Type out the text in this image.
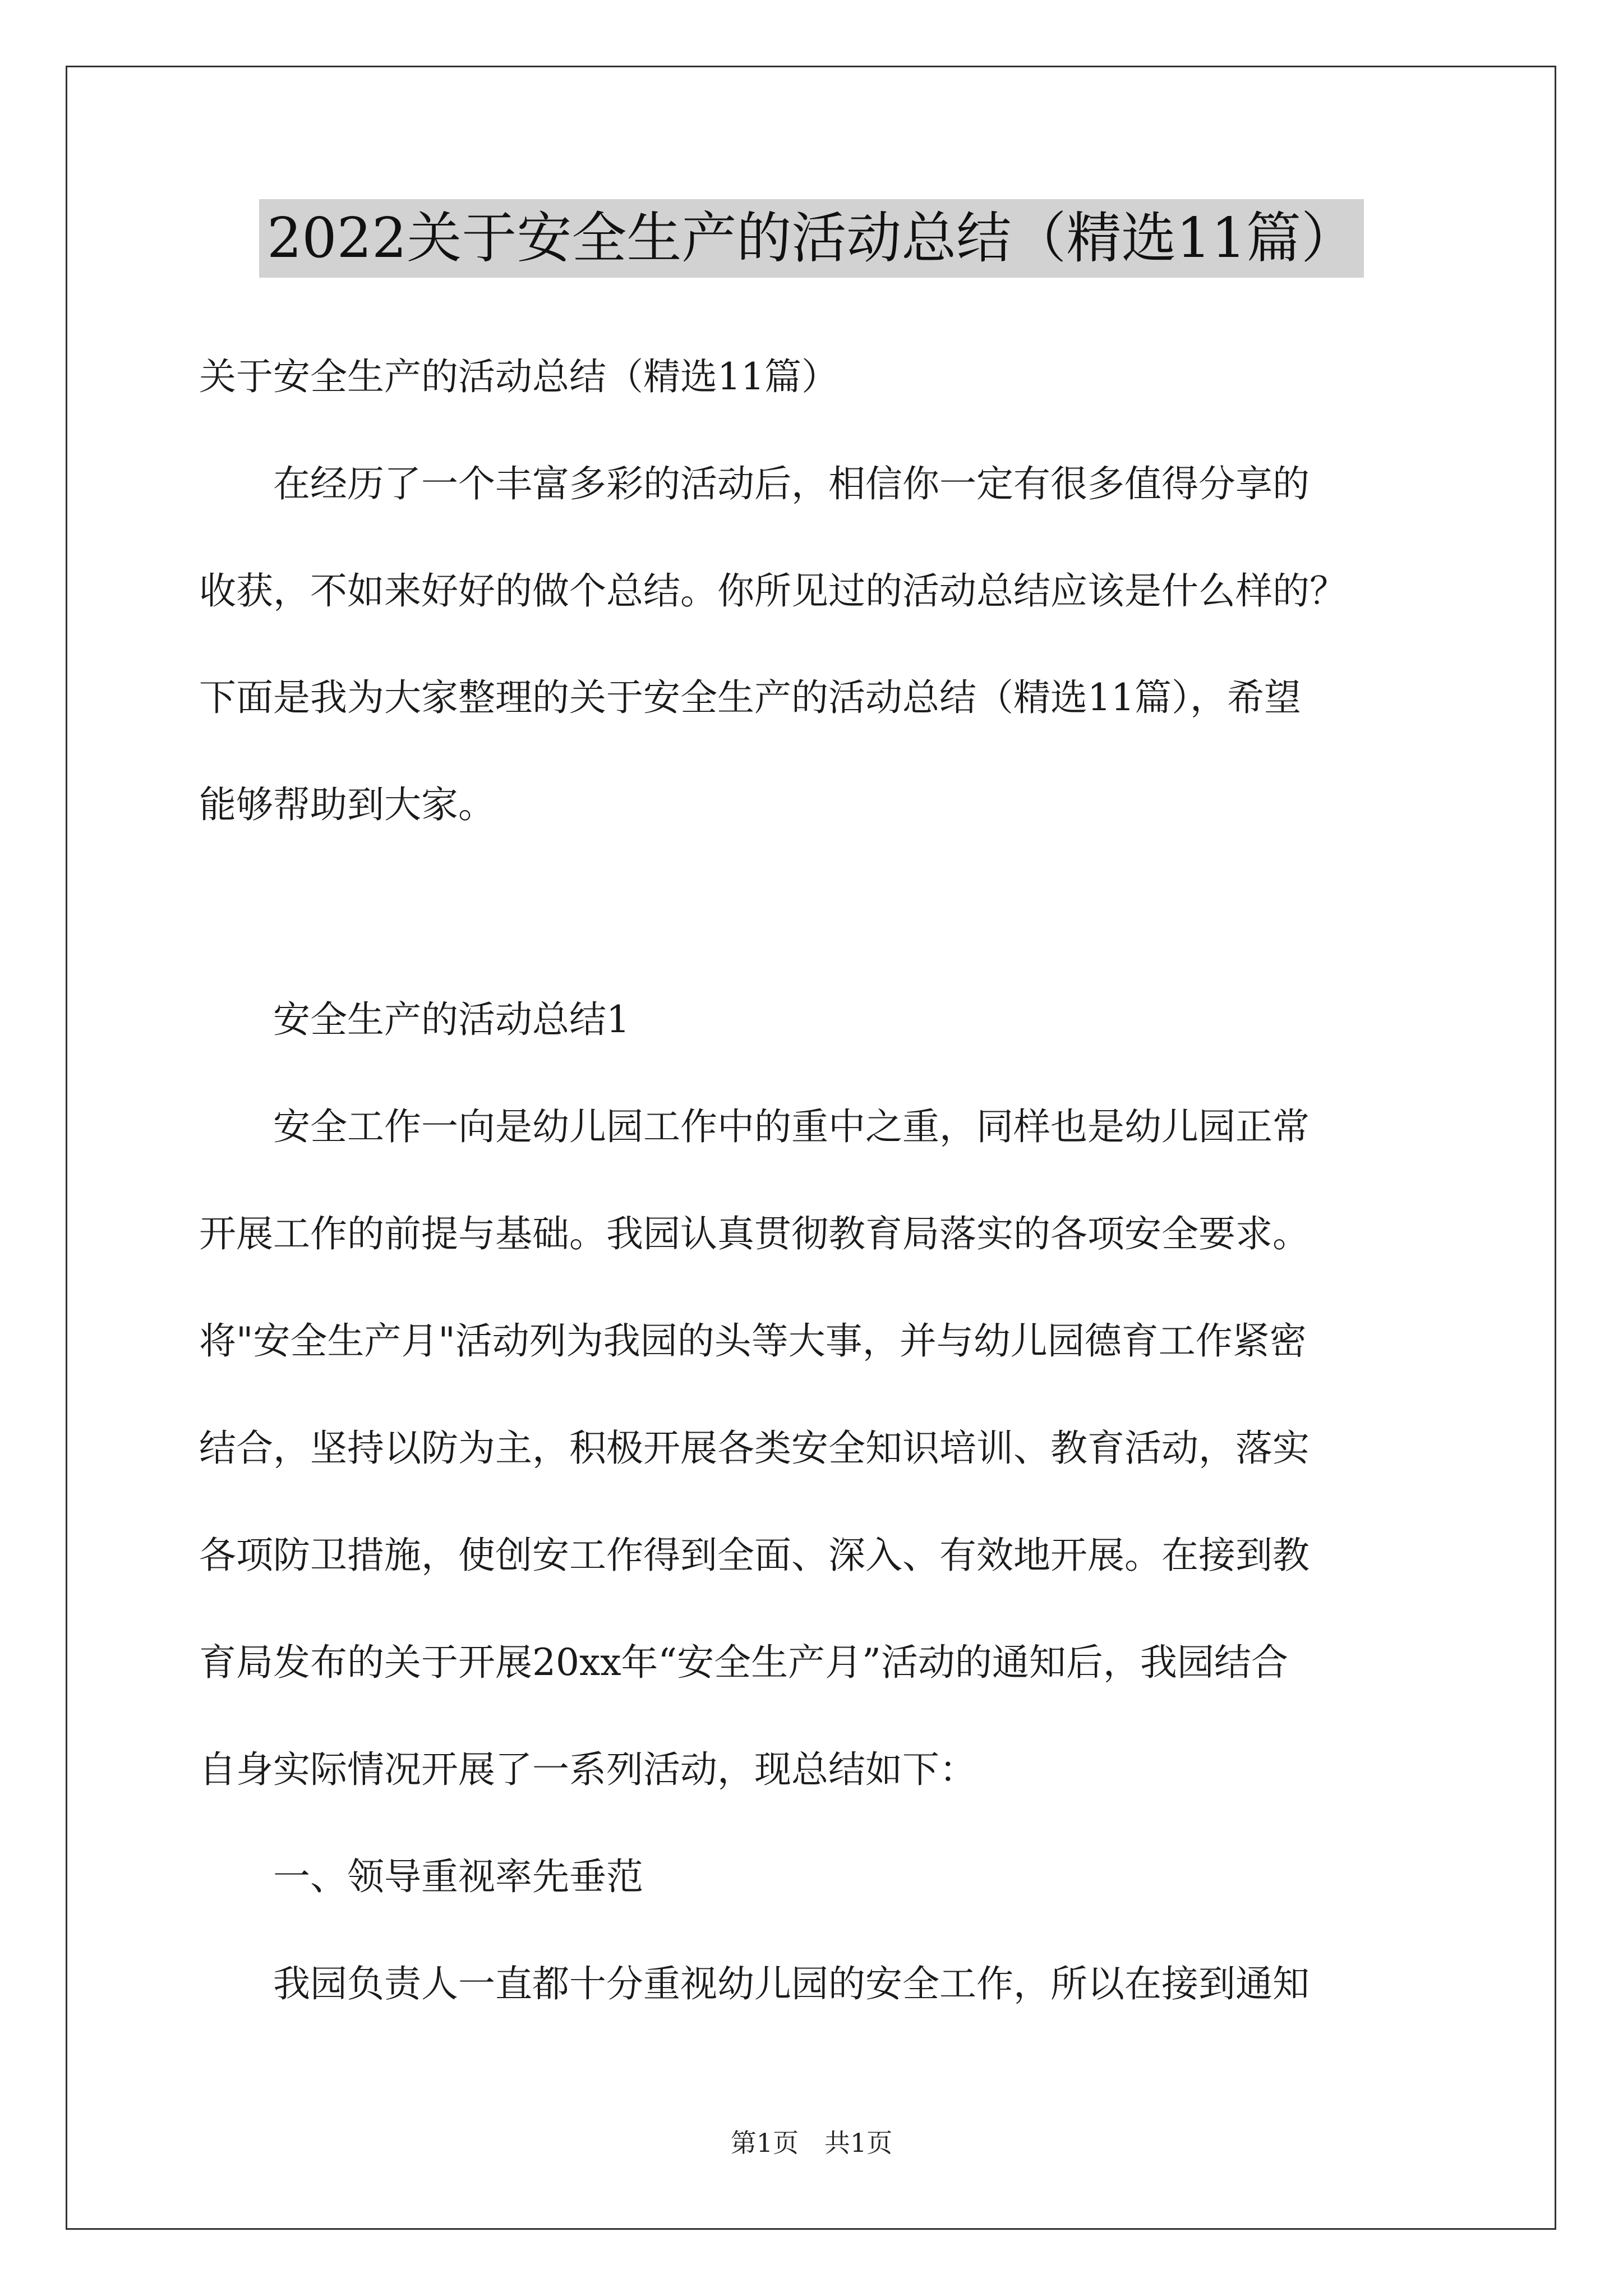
2022关于安全生产的活动总结（精选11篇）
关于安全生产的活动总结（精选11篇）
　　在经历了一个丰富多彩的活动后，相信你一定有很多值得分享的
收获，不如来好好的做个总结。你所见过的活动总结应该是什么样的？
下面是我为大家整理的关于安全生产的活动总结（精选11篇），希望
能够帮助到大家。
　　安全生产的活动总结1
　　安全工作一向是幼儿园工作中的重中之重，同样也是幼儿园正常
开展工作的前提与基础。我园认真贯彻教育局落实的各项安全要求。
将"安全生产月"活动列为我园的头等大事，并与幼儿园德育工作紧密
结合，坚持以防为主，积极开展各类安全知识培训、教育活动，落实
各项防卫措施，使创安工作得到全面、深入、有效地开展。在接到教
育局发布的关于开展20xx年“安全生产月”活动的通知后，我园结合
自身实际情况开展了一系列活动，现总结如下：
　　一、领导重视率先垂范
　　我园负责人一直都十分重视幼儿园的安全工作，所以在接到通知
第1页　共1页
